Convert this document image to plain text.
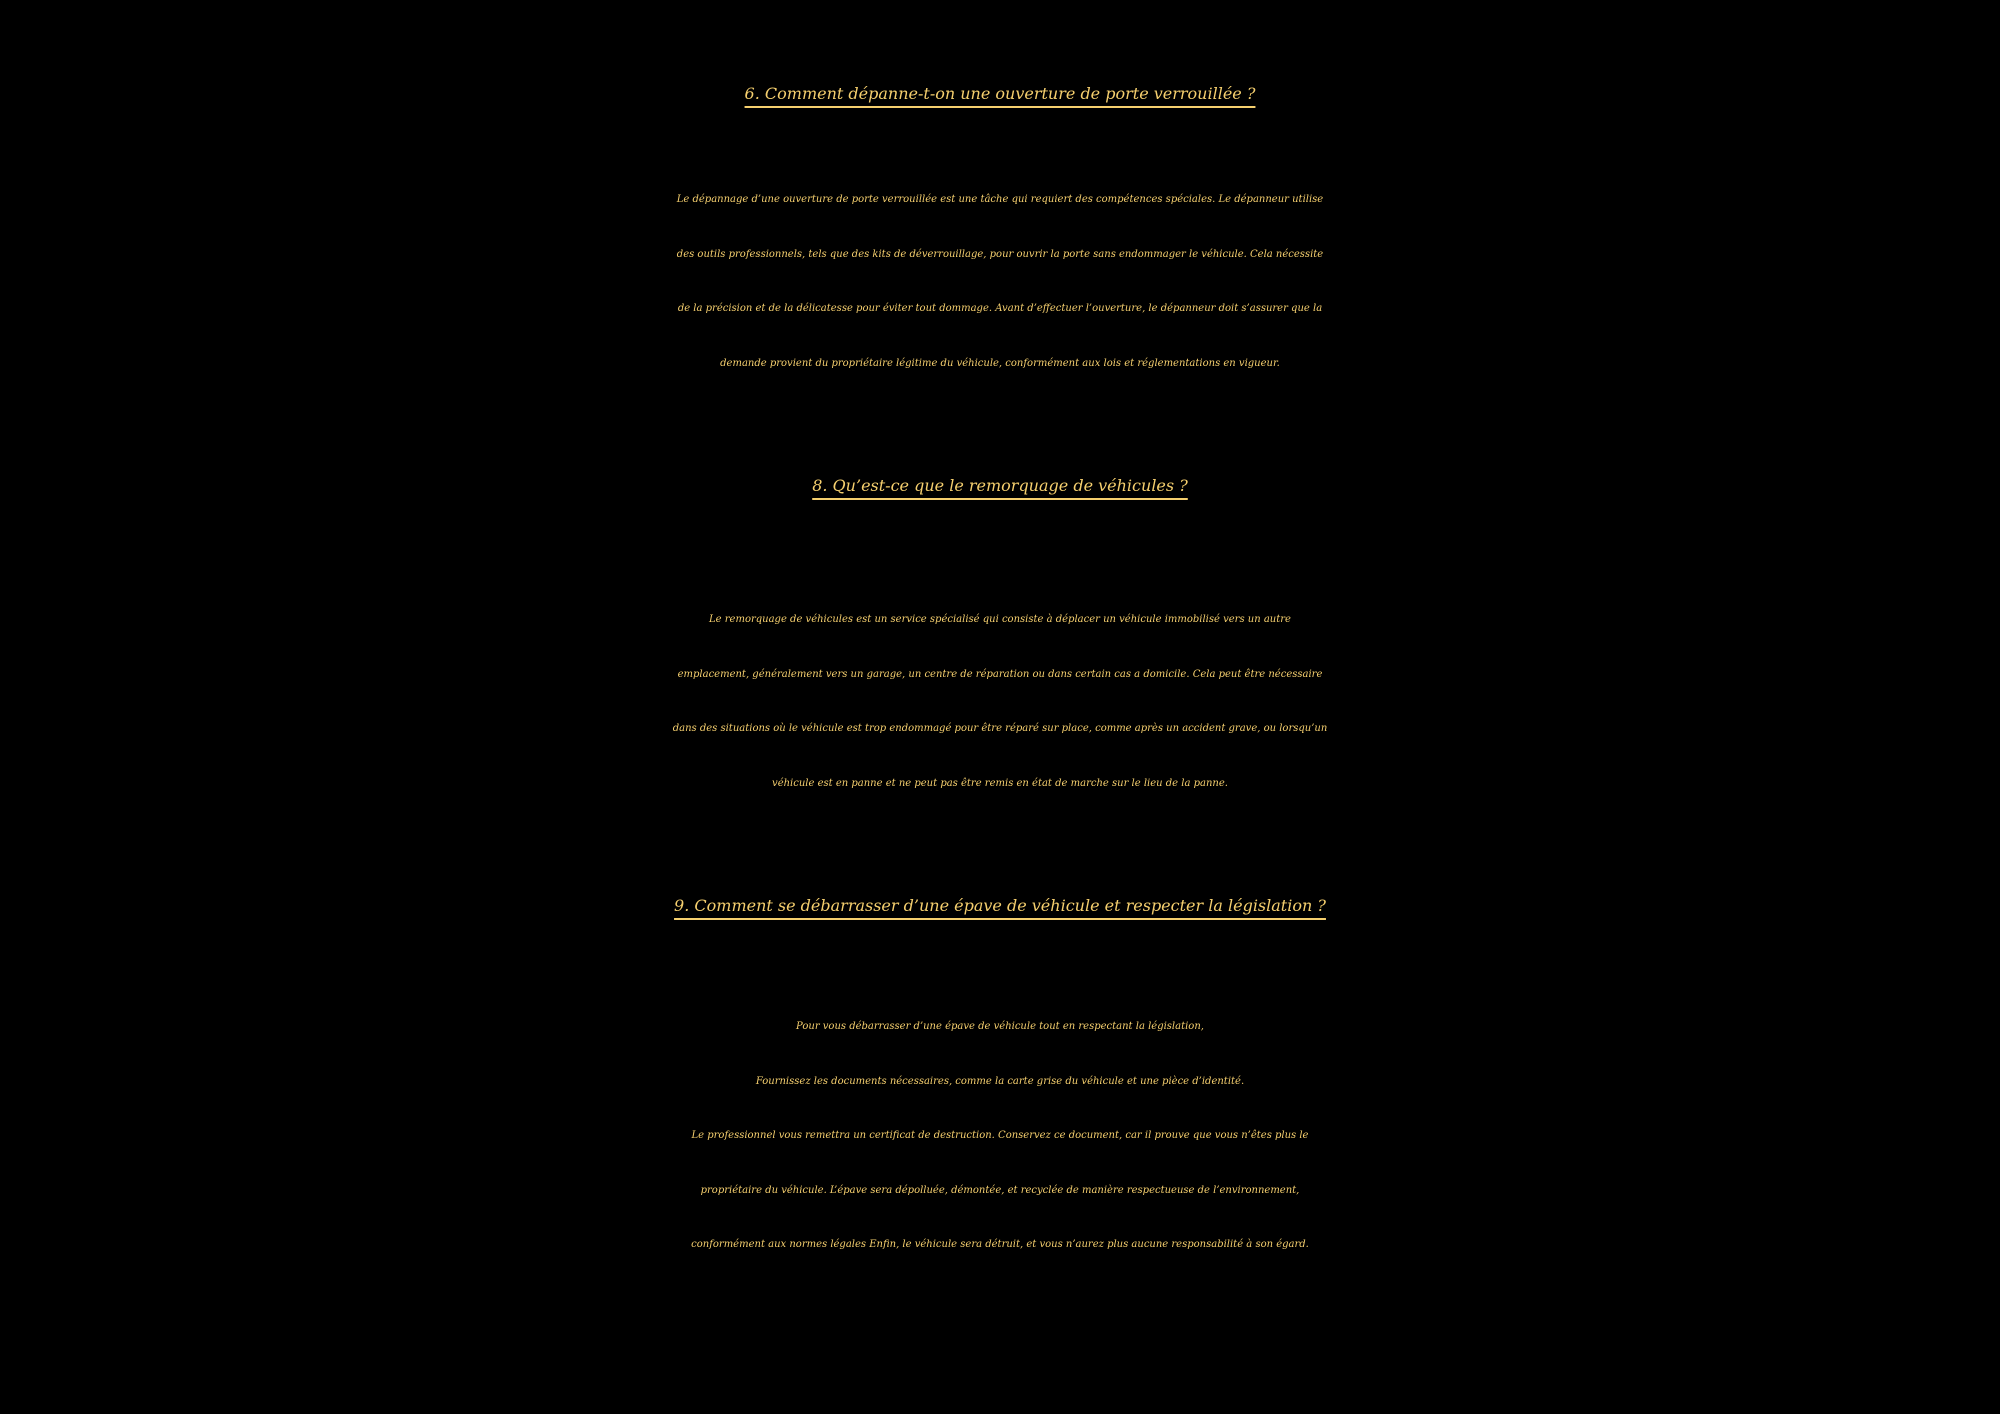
6. Comment dépanne-t-on une ouverture de porte verrouillée ?

Le dépannage d’une ouverture de porte verrouillée est une tâche qui requiert des compétences spéciales. Le dépanneur utilise
des outils professionnels, tels que des kits de déverrouillage, pour ouvrir la porte sans endommager le véhicule. Cela nécessite
de la précision et de la délicatesse pour éviter tout dommage. Avant d’effectuer l’ouverture, le dépanneur doit s’assurer que la
demande provient du propriétaire légitime du véhicule, conformément aux lois et réglementations en vigueur.

8. Qu’est-ce que le remorquage de véhicules ?

Le remorquage de véhicules est un service spécialisé qui consiste à déplacer un véhicule immobilisé vers un autre
emplacement, généralement vers un garage, un centre de réparation ou dans certain cas a domicile. Cela peut être nécessaire
dans des situations où le véhicule est trop endommagé pour être réparé sur place, comme après un accident grave, ou lorsqu’un
véhicule est en panne et ne peut pas être remis en état de marche sur le lieu de la panne.

9. Comment se débarrasser d’une épave de véhicule et respecter la législation ?

Pour vous débarrasser d’une épave de véhicule tout en respectant la législation,
Fournissez les documents nécessaires, comme la carte grise du véhicule et une pièce d’identité.
Le professionnel vous remettra un certificat de destruction. Conservez ce document, car il prouve que vous n’êtes plus le
propriétaire du véhicule. L’épave sera dépolluée, démontée, et recyclée de manière respectueuse de l’environnement,
conformément aux normes légales Enfin, le véhicule sera détruit, et vous n’aurez plus aucune responsabilité à son égard.
